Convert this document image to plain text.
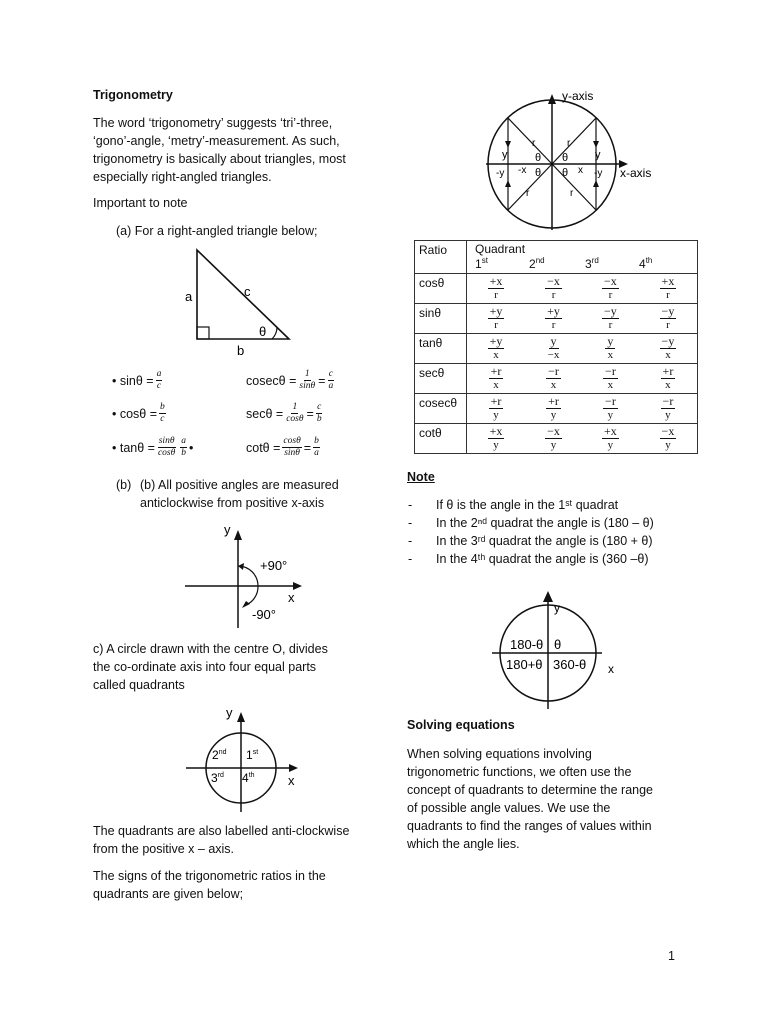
Trigonometry
The word ‘trigonometry’ suggests ‘tri’-three,
‘gono’-angle, ‘metry’-measurement. As such,
trigonometry is basically about triangles, most
especially right-angled triangles.
Important to note
(a) For a right-angled triangle below;
a	c
b
θ
• $\sin\theta = \frac{a}{c}$
• $\cos\theta = \frac{b}{c}$
• $\tan\theta = \frac{\sin\theta}{\cos\theta} \frac{a}{b}$ •
$cosec\theta = \frac{1}{\sin\theta} = \frac{c}{a}$
$\sec\theta = \frac{1}{\cos\theta} = \frac{c}{b}$
$\cot\theta = \frac{\cos\theta}{\sin\theta} = \frac{b}{a}$
(b) (b) All positive angles are measured
anticlockwise from positive x-axis
y
x
+90°
-90°
c) A circle drawn with the centre O, divides
the co-ordinate axis into four equal parts
called quadrants
y
x
2nd 1st
3rd 4th
The quadrants are also labelled anti-clockwise
from the positive x – axis.
The signs of the trigonometric ratios in the
quadrants are given below;
y-axis
x-axis
r	r
r	r
θ θ
θ θ
y	y
-y	-y
-x	x
Ratio	Quadrant
1st 2nd 3rd 4th

cosθ	$\frac{+x}{r}$	$\frac{-x}{r}$	$\frac{-x}{r}$	$\frac{+x}{r}$

sinθ	$\frac{+y}{r}$	$\frac{+y}{r}$	$\frac{-y}{r}$	$\frac{-y}{r}$

tanθ	$\frac{+y}{x}$	$\frac{y}{-x}$	$\frac{y}{x}$	$\frac{-y}{x}$

secθ	$\frac{+r}{x}$	$\frac{-r}{x}$	$\frac{-r}{x}$	$\frac{+r}{x}$

cosecθ	$\frac{+r}{y}$	$\frac{+r}{y}$	$\frac{-r}{y}$	$\frac{-r}{y}$

cotθ	$\frac{+x}{y}$	$\frac{-x}{y}$	$\frac{+x}{y}$	$\frac{-x}{y}$
Note
- If θ is the angle in the 1ˢᵗ quadrat
- In the 2ⁿᵈ quadrat the angle is (180 – θ)
- In the 3ʳᵈ quadrat the angle is (180 + θ)
- In the 4ᵗʰ quadrat the angle is (360 –θ)
y
x
180-θ θ
180+θ 360-θ
Solving equations
When solving equations involving
trigonometric functions, we often use the
concept of quadrants to determine the range
of possible angle values. We use the
quadrants to find the ranges of values within
which the angle lies.
1
